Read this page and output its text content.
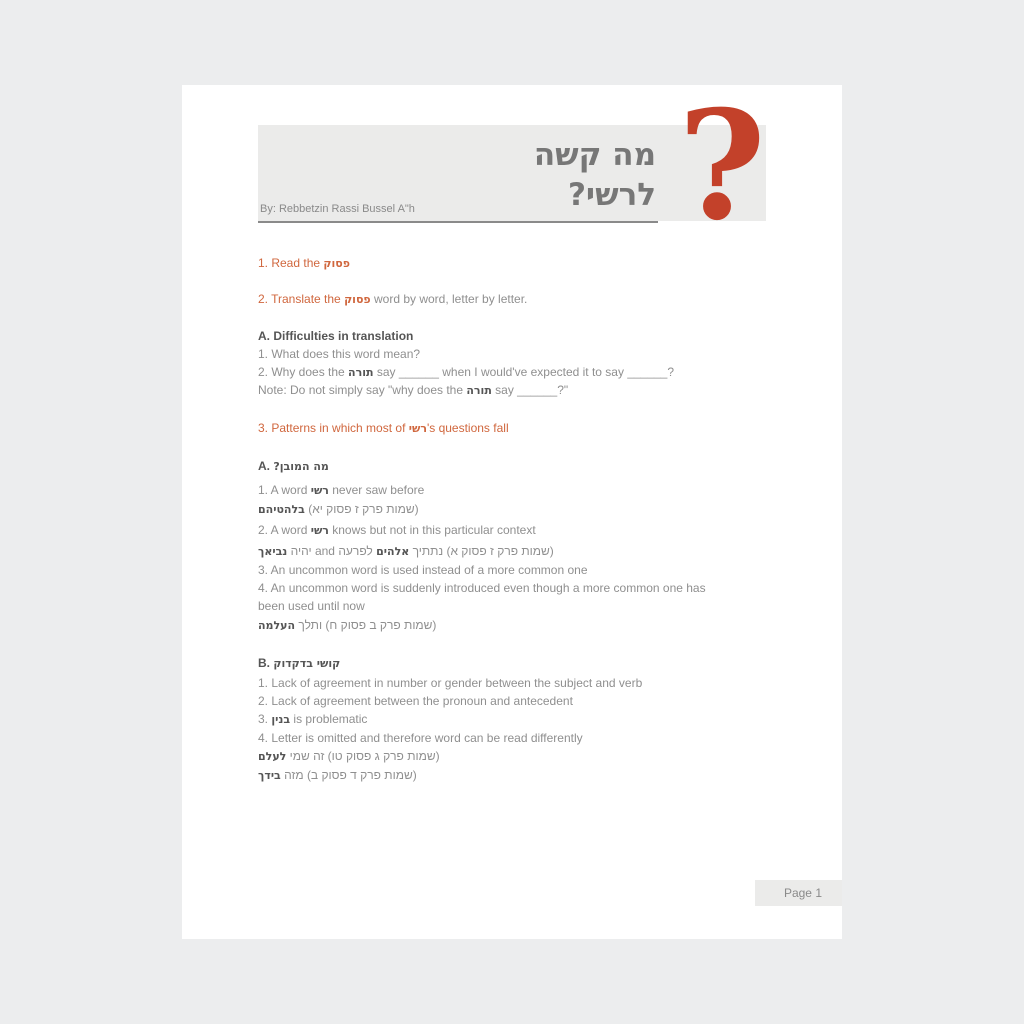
מה קשה
לרשי? ?
By: Rebbetzin Rassi Bussel A"h
1. Read the פסוק
2. Translate the פסוק word by word, letter by letter.
A. Difficulties in translation
1. What does this word mean?
2. Why does the תורה say ______ when I would've expected it to say ______?
Note: Do not simply say "why does the תורה say ______?"
3. Patterns in which most of רשי's questions fall
A. מה המובן?
1. A word רשי never saw before
(שמות פרק ז פסוק יא) בלהטיהם
2. A word רשי knows but not in this particular context
(שמות פרק ז פסוק א) נתתיך אלהים לפרעה and יהיה נביאך
3. An uncommon word is used instead of a more common one
4. An uncommon word is suddenly introduced even though a more common one has
been used until now
(שמות פרק ב פסוק ח) ותלך העלמה
B. קושי בדקדוק
1. Lack of agreement in number or gender between the subject and verb
2. Lack of agreement between the pronoun and antecedent
3. בנין is problematic
4. Letter is omitted and therefore word can be read differently
(שמות פרק ג פסוק טו) זה שמי לעלם
(שמות פרק ד פסוק ב) מזה בידך
Page 1
